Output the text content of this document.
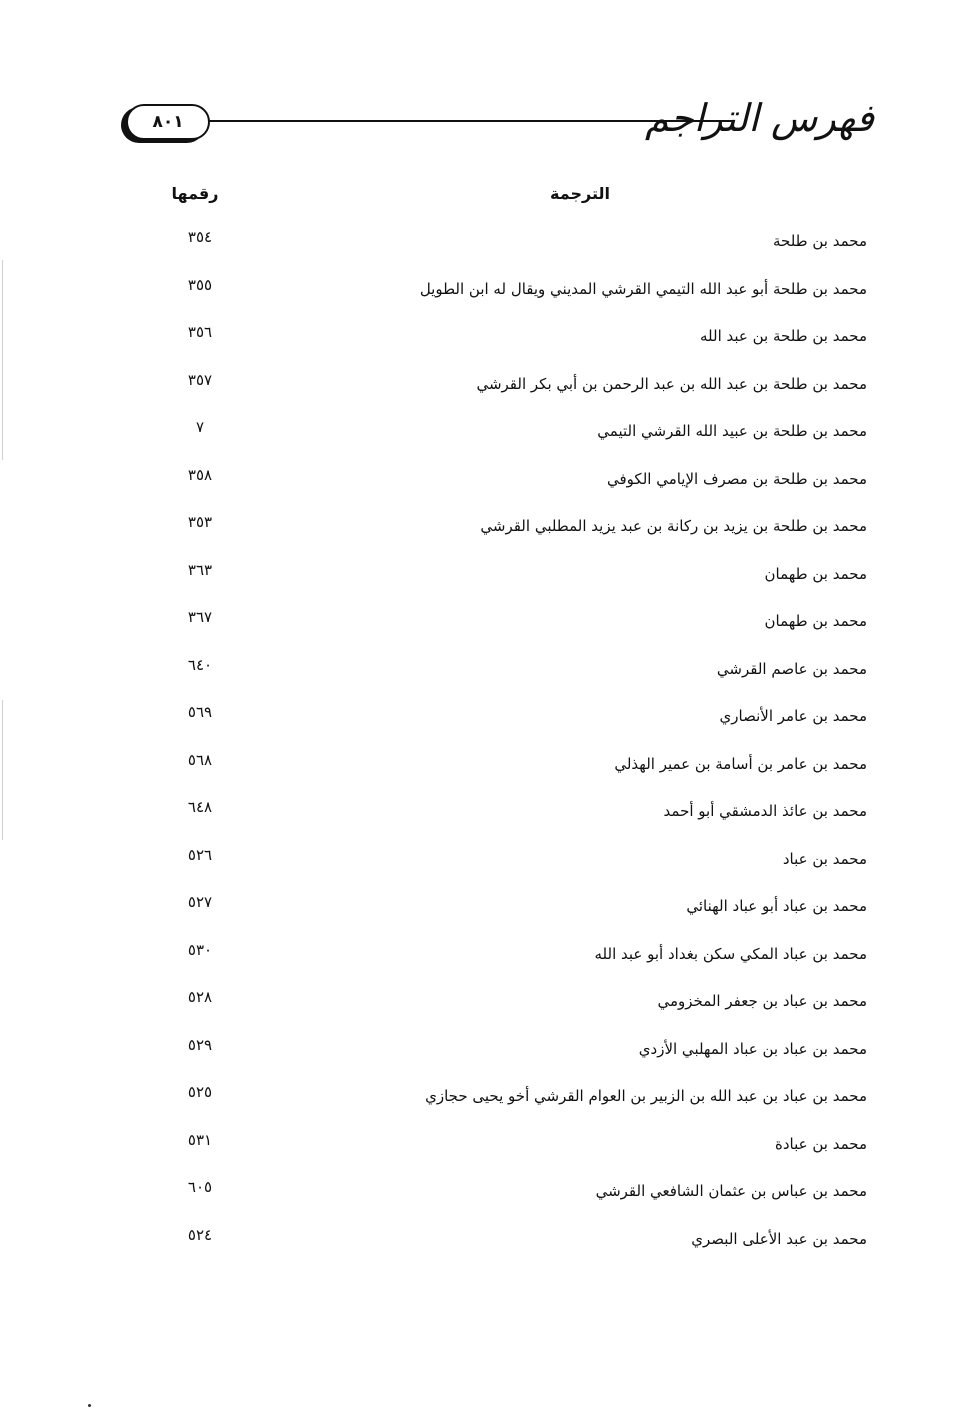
فهرس التراجم
٨٠١
الترجمة
رقمها
محمد بن طلحة
٣٥٤
محمد بن طلحة أبو عبد الله التيمي القرشي المديني ويقال له ابن الطويل
٣٥٥
محمد بن طلحة بن عبد الله
٣٥٦
محمد بن طلحة بن عبد الله بن عبد الرحمن بن أبي بكر القرشي
٣٥٧
محمد بن طلحة بن عبيد الله القرشي التيمي
٧
محمد بن طلحة بن مصرف الإيامي الكوفي
٣٥٨
محمد بن طلحة بن يزيد بن ركانة بن عبد يزيد المطلبي القرشي
٣٥٣
محمد بن طهمان
٣٦٣
محمد بن طهمان
٣٦٧
محمد بن عاصم القرشي
٦٤٠
محمد بن عامر الأنصاري
٥٦٩
محمد بن عامر بن أسامة بن عمير الهذلي
٥٦٨
محمد بن عائذ الدمشقي أبو أحمد
٦٤٨
محمد بن عباد
٥٢٦
محمد بن عباد أبو عباد الهنائي
٥٢٧
محمد بن عباد المكي سكن بغداد أبو عبد الله
٥٣٠
محمد بن عباد بن جعفر المخزومي
٥٢٨
محمد بن عباد بن عباد المهلبي الأزدي
٥٢٩
محمد بن عباد بن عبد الله بن الزبير بن العوام القرشي أخو يحيى حجازي
٥٢٥
محمد بن عبادة
٥٣١
محمد بن عباس بن عثمان الشافعي القرشي
٦٠٥
محمد بن عبد الأعلى البصري
٥٢٤
